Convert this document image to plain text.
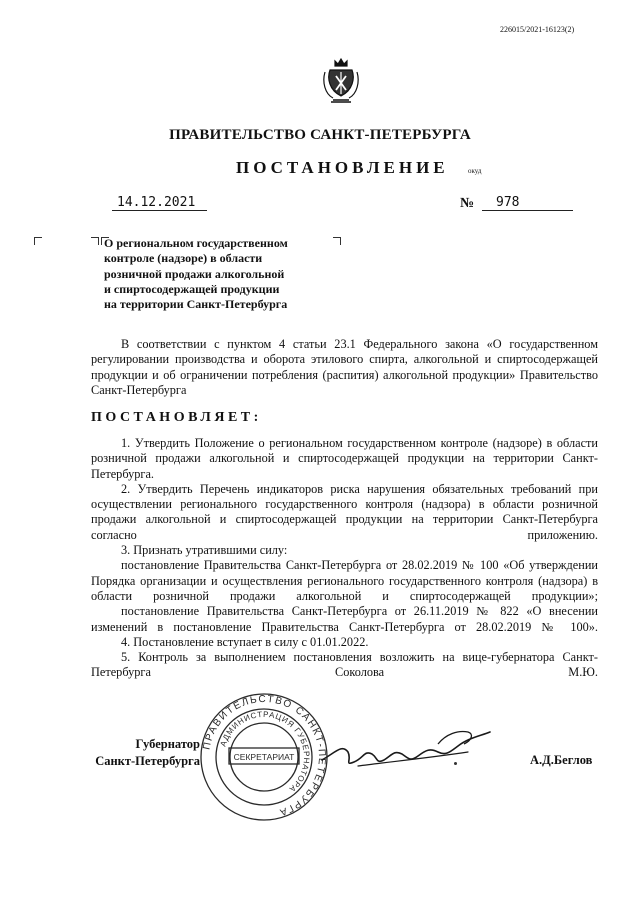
226015/2021-16123(2)
ПРАВИТЕЛЬСТВО САНКТ-ПЕТЕРБУРГА
ПОСТАНОВЛЕНИЕ	окуд
14.12.2021	№ 978
О региональном государственном
контроле (надзоре) в области
розничной продажи алкогольной
и спиртосодержащей продукции
на территории Санкт-Петербурга
В соответствии с пунктом 4 статьи 23.1 Федерального закона «О государственном регулировании производства и оборота этилового спирта, алкогольной и спиртосодержащей продукции и об ограничении потребления (распития) алкогольной продукции» Правительство Санкт-Петербурга
ПОСТАНОВЛЯЕТ:

1. Утвердить Положение о региональном государственном контроле (надзоре) в области розничной продажи алкогольной и спиртосодержащей продукции на территории Санкт-Петербурга.

2. Утвердить Перечень индикаторов риска нарушения обязательных требований при осуществлении регионального государственного контроля (надзора) в области розничной продажи алкогольной и спиртосодержащей продукции на территории Санкт-Петербурга согласно приложению.

3. Признать утратившими силу:

постановление Правительства Санкт-Петербурга от 28.02.2019 № 100 «Об утверждении Порядка организации и осуществления регионального государственного контроля (надзора) в области розничной продажи алкогольной и спиртосодержащей продукции»;

постановление Правительства Санкт-Петербурга от 26.11.2019 № 822 «О внесении изменений в постановление Правительства Санкт-Петербурга от 28.02.2019 № 100».

4. Постановление вступает в силу с 01.01.2022.

5. Контроль за выполнением постановления возложить на вице-губернатора Санкт-Петербурга Соколова М.Ю.

Губернатор
Санкт-Петербурга
ПРАВИТЕЛЬСТВО САНКТ-ПЕТЕРБУРГА
АДМИНИСТРАЦИЯ ГУБЕРНАТОРА
СЕКРЕТАРИАТ	А.Д.Беглов
